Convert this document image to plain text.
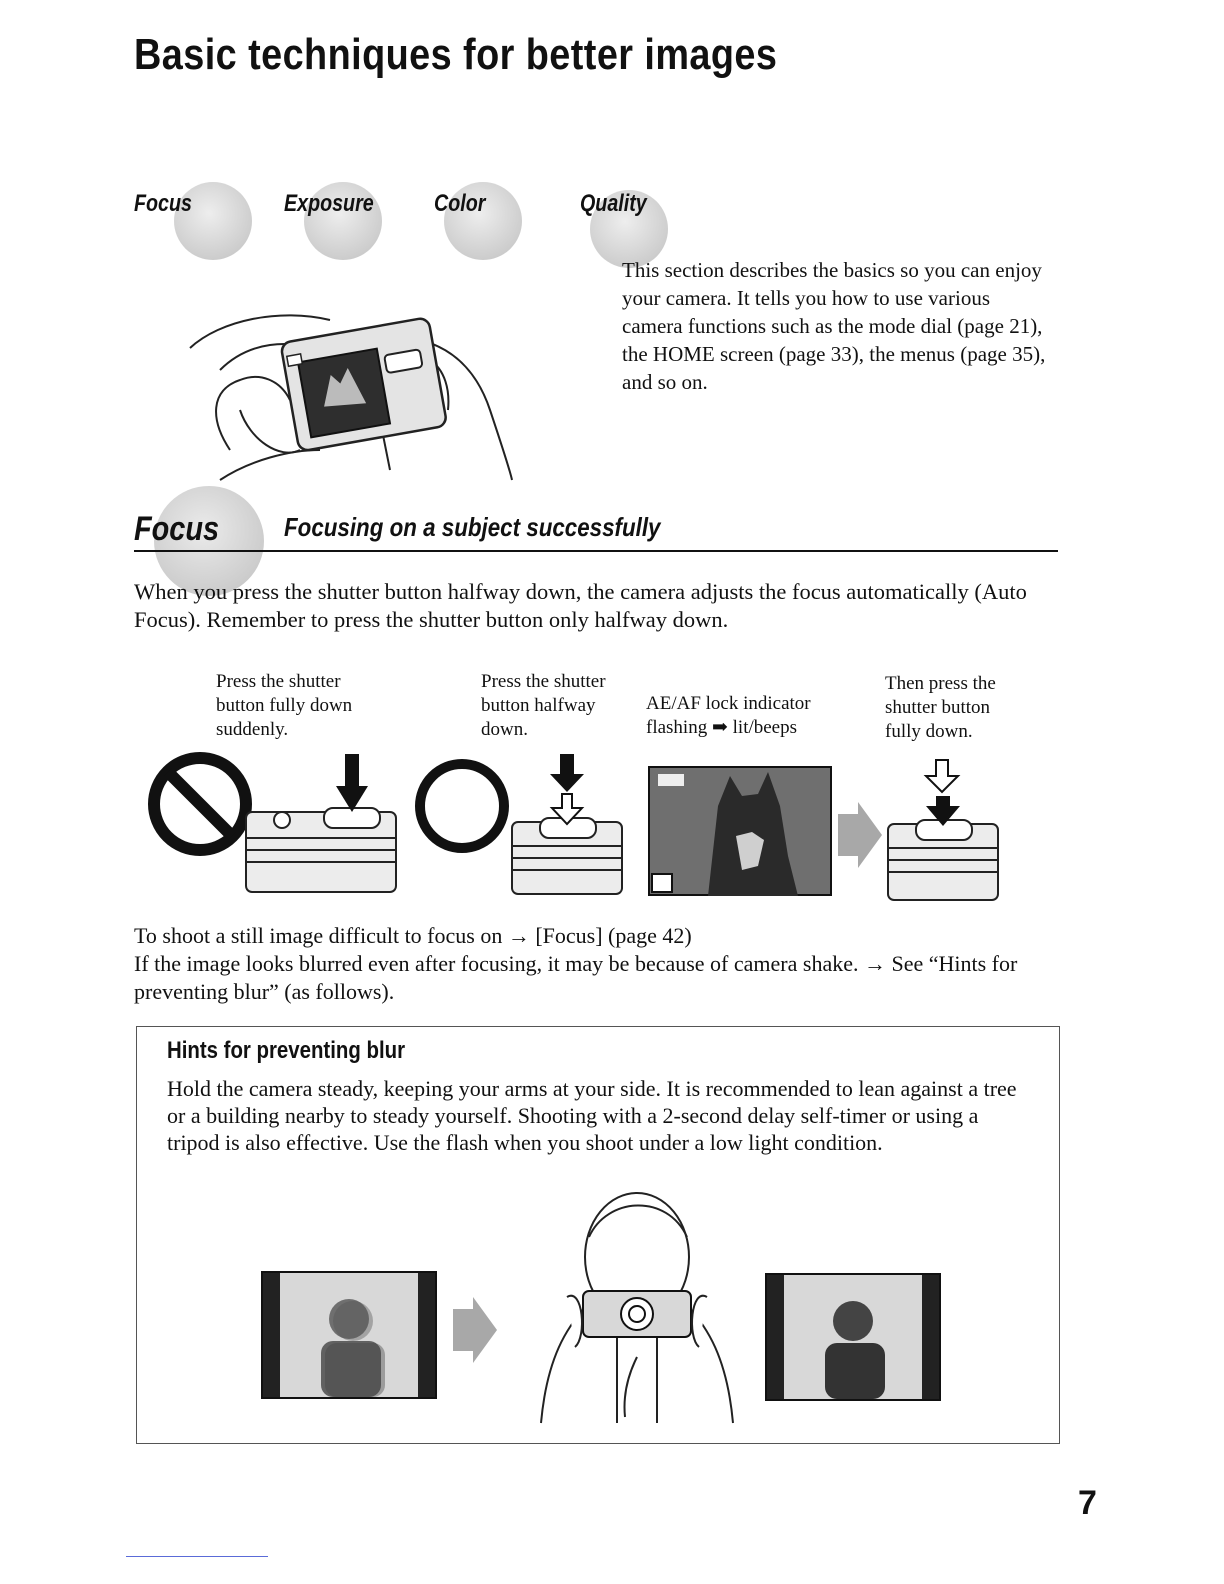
Basic techniques for better images
Focus	Exposure	Color	Quality

This section describes the basics so you can enjoy your camera. It tells you how to use various camera functions such as the mode dial (page 21), the HOME screen (page 33), the menus (page 35), and so on.

Focus Focusing on a subject successfully

When you press the shutter button halfway down, the camera adjusts the focus automatically (Auto Focus). Remember to press the shutter button only halfway down.

Press the shutter
button fully down
suddenly.
Press the shutter
button halfway
down.
AE/AF lock indicator
flashing ➡ lit/beeps
Then press the
shutter button
fully down.

To shoot a still image difficult to focus on → [Focus] (page 42)

If the image looks blurred even after focusing, it may be because of camera shake. → See “Hints for preventing blur” (as follows).

Hints for preventing blur

Hold the camera steady, keeping your arms at your side. It is recommended to lean against a tree or a building nearby to steady yourself. Shooting with a 2-second delay self-timer or using a tripod is also effective. Use the flash when you shoot under a low light condition.

7
